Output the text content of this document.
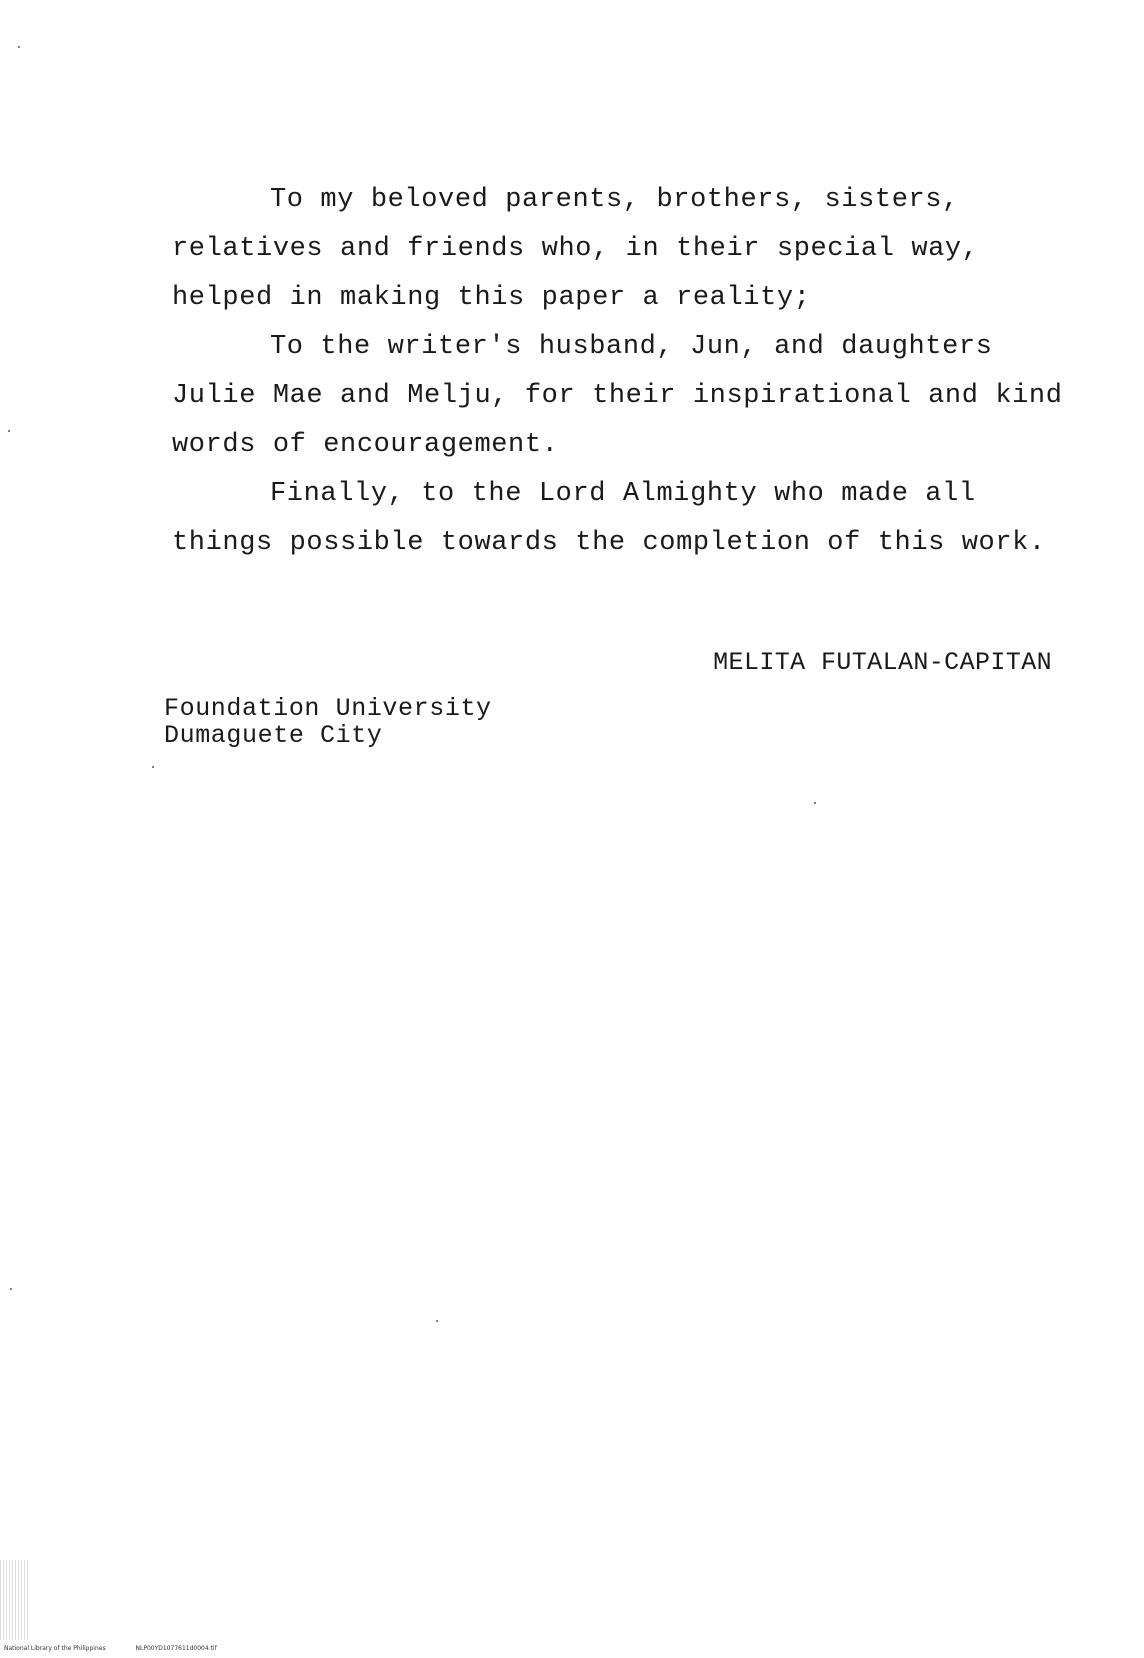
To my beloved parents, brothers, sisters, relatives and friends who, in their special way, helped in making this paper a reality;

To the writer's husband, Jun, and daughters Julie Mae and Melju, for their inspirational and kind words of encouragement.

Finally, to the Lord Almighty who made all things possible towards the completion of this work.

MELITA FUTALAN-CAPITAN
Foundation University
Dumaguete City
National Library of the Philippines	NLP00YD1077611d0004.tif
